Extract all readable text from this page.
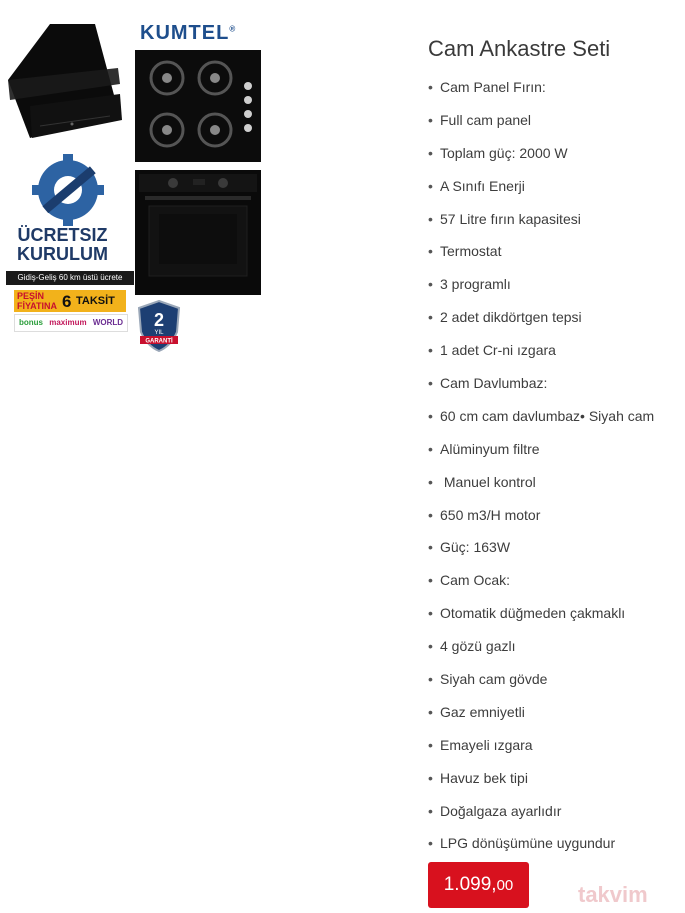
KUMTEL®
ÜCRETSIZ
KURULUM
Gidiş-Geliş 60 km üstü ücrete
PEŞİN
FİYATINA 6 TAKSİT
bonus maximum WORLD 2
YIL
GARANTİ
Cam Ankastre Seti
• Cam Panel Fırın:
• Full cam panel
• Toplam güç: 2000 W
• A Sınıfı Enerji
• 57 Litre fırın kapasitesi
• Termostat
• 3 programlı
• 2 adet dikdörtgen tepsi
• 1 adet Cr-ni ızgara
• Cam Davlumbaz:
• 60 cm cam davlumbaz• Siyah cam
• Alüminyum filtre
• Manuel kontrol
• 650 m3/H motor
• Güç: 163W
• Cam Ocak:
• Otomatik düğmeden çakmaklı
• 4 gözü gazlı
• Siyah cam gövde
• Gaz emniyetli
• Emayeli ızgara
• Havuz bek tipi
• Doğalgaza ayarlıdır
• LPG dönüşümüne uygundur
1.099,00	takvim
